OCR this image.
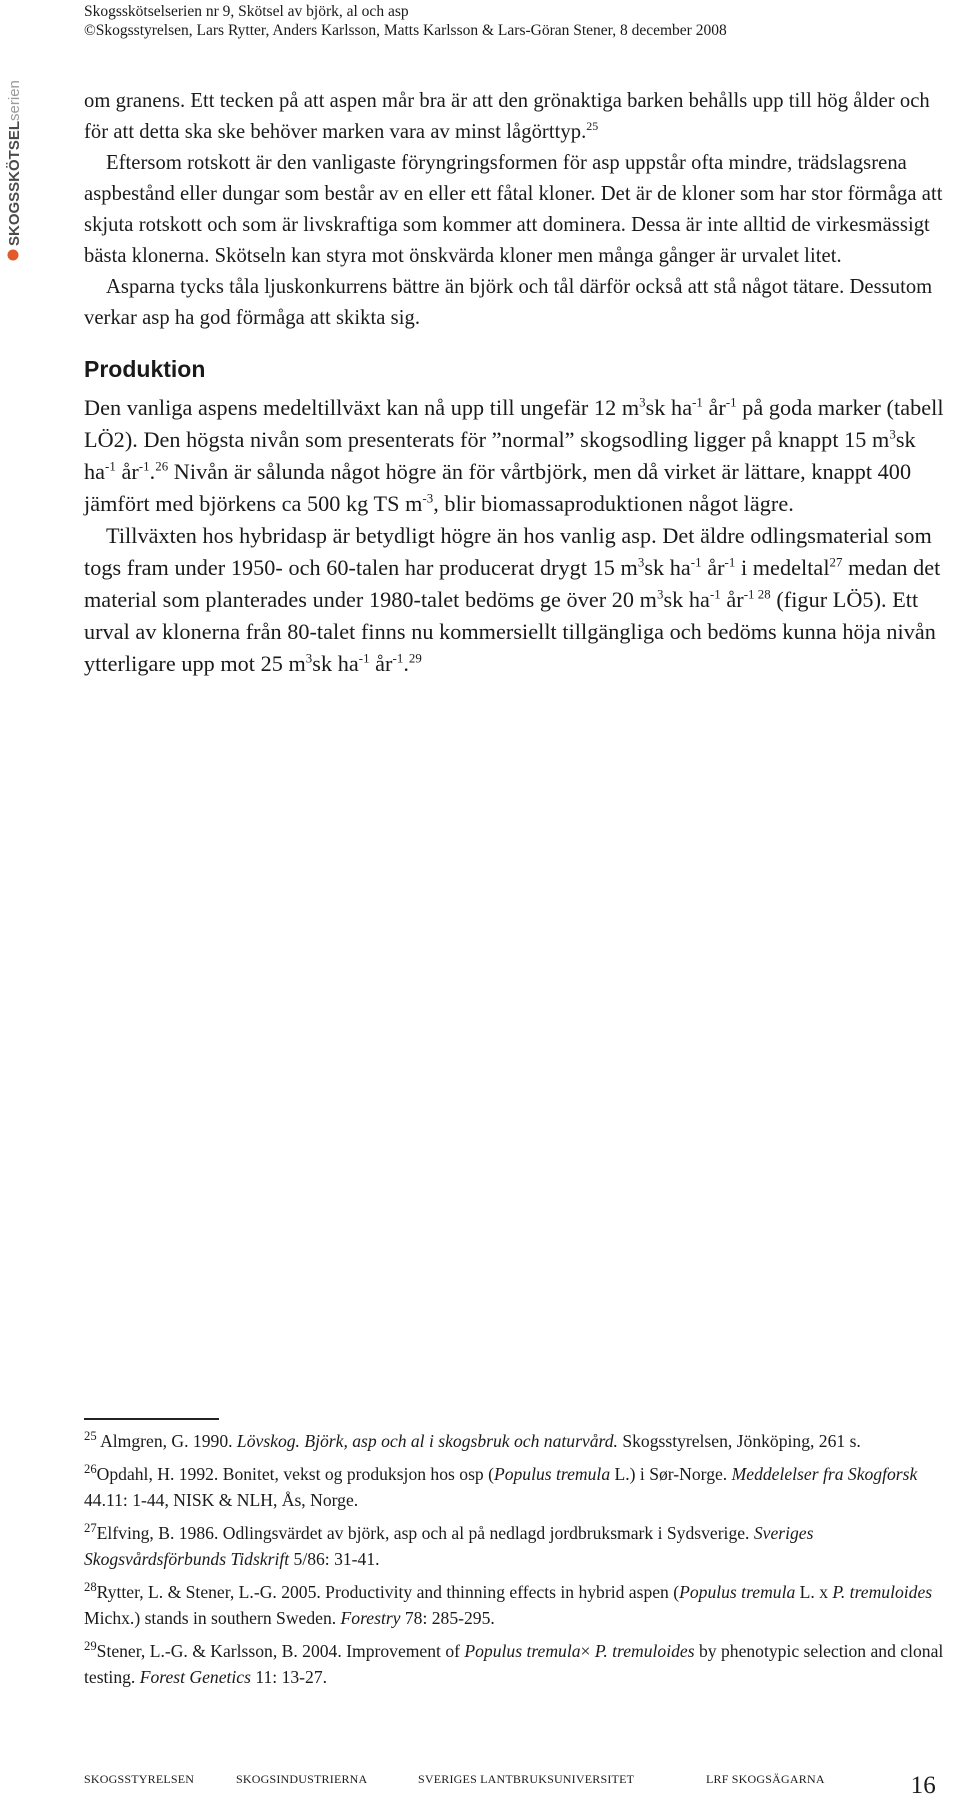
SKOGSSKÖTSELserien
Skogsskötselserien nr 9, Skötsel av björk, al och asp
©Skogsstyrelsen, Lars Rytter, Anders Karlsson, Matts Karlsson & Lars-Göran Stener, 8 december 2008

om granens. Ett tecken på att aspen mår bra är att den grönaktiga barken behålls upp till hög ålder och för att detta ska ske behöver marken vara av minst lågörttyp.$^{25}$

Eftersom rotskott är den vanligaste föryngringsformen för asp uppstår ofta mindre, trädslagsrena aspbestånd eller dungar som består av en eller ett fåtal kloner. Det är de kloner som har stor förmåga att skjuta rotskott och som är livskraftiga som kommer att dominera. Dessa är inte alltid de virkesmässigt bästa klonerna. Skötseln kan styra mot önskvärda kloner men många gånger är urvalet litet.

Asparna tycks tåla ljuskonkurrens bättre än björk och tål därför också att stå något tätare. Dessutom verkar asp ha god förmåga att skikta sig.

Produktion

Den vanliga aspens medeltillväxt kan nå upp till ungefär 12 $m^3sk$ $ha^{-1}$ $år^{-1}$ på goda marker (tabell LÖ2). Den högsta nivån som presenterats för ”normal” skogsodling ligger på knappt 15 $m^3sk$ $ha^{-1}$ $år^{-1}.^{26}$ Nivån är sålunda något högre än för vårtbjörk, men då virket är lättare, knappt 400 jämfört med björkens ca 500 kg TS $m^{-3}$, blir biomassaproduktionen något lägre.

Tillväxten hos hybridasp är betydligt högre än hos vanlig asp. Det äldre odlingsmaterial som togs fram under 1950- och 60-talen har producerat drygt 15 $m^3sk$ $ha^{-1}$ $år^{-1}$ i medeltal$^{27}$ medan det material som planterades under 1980-talet bedöms ge över 20 $m^3sk$ $ha^{-1}$ $år^{-1 28}$ (figur LÖ5). Ett urval av klonerna från 80-talet finns nu kommersiellt tillgängliga och bedöms kunna höja nivån ytterligare upp mot 25 $m^3sk$ $ha^{-1}$ $år^{-1}.^{29}$

$^{25}$ Almgren, G. 1990. Lövskog. Björk, asp och al i skogsbruk och naturvård. Skogsstyrelsen, Jönköping, 261 s.

$^{26}$Opdahl, H. 1992. Bonitet, vekst og produksjon hos osp (Populus tremula L.) i Sør-Norge. Meddelelser fra Skogforsk 44.11: 1-44, NISK & NLH, Ås, Norge.

$^{27}$Elfving, B. 1986. Odlingsvärdet av björk, asp och al på nedlagd jordbruksmark i Sydsverige. Sveriges Skogsvårdsförbunds Tidskrift 5/86: 31-41.

$^{28}$Rytter, L. & Stener, L.-G. 2005. Productivity and thinning effects in hybrid aspen (Populus tremula L. x P. tremuloides Michx.) stands in southern Sweden. Forestry 78: 285-295.

$^{29}$Stener, L.-G. & Karlsson, B. 2004. Improvement of Populus tremula× P. tremuloides by phenotypic selection and clonal testing. Forest Genetics 11: 13-27.

SKOGSSTYRELSEN	SKOGSINDUSTRIERNA	SVERIGES LANTBRUKSUNIVERSITET	LRF SKOGSÄGARNA	16
